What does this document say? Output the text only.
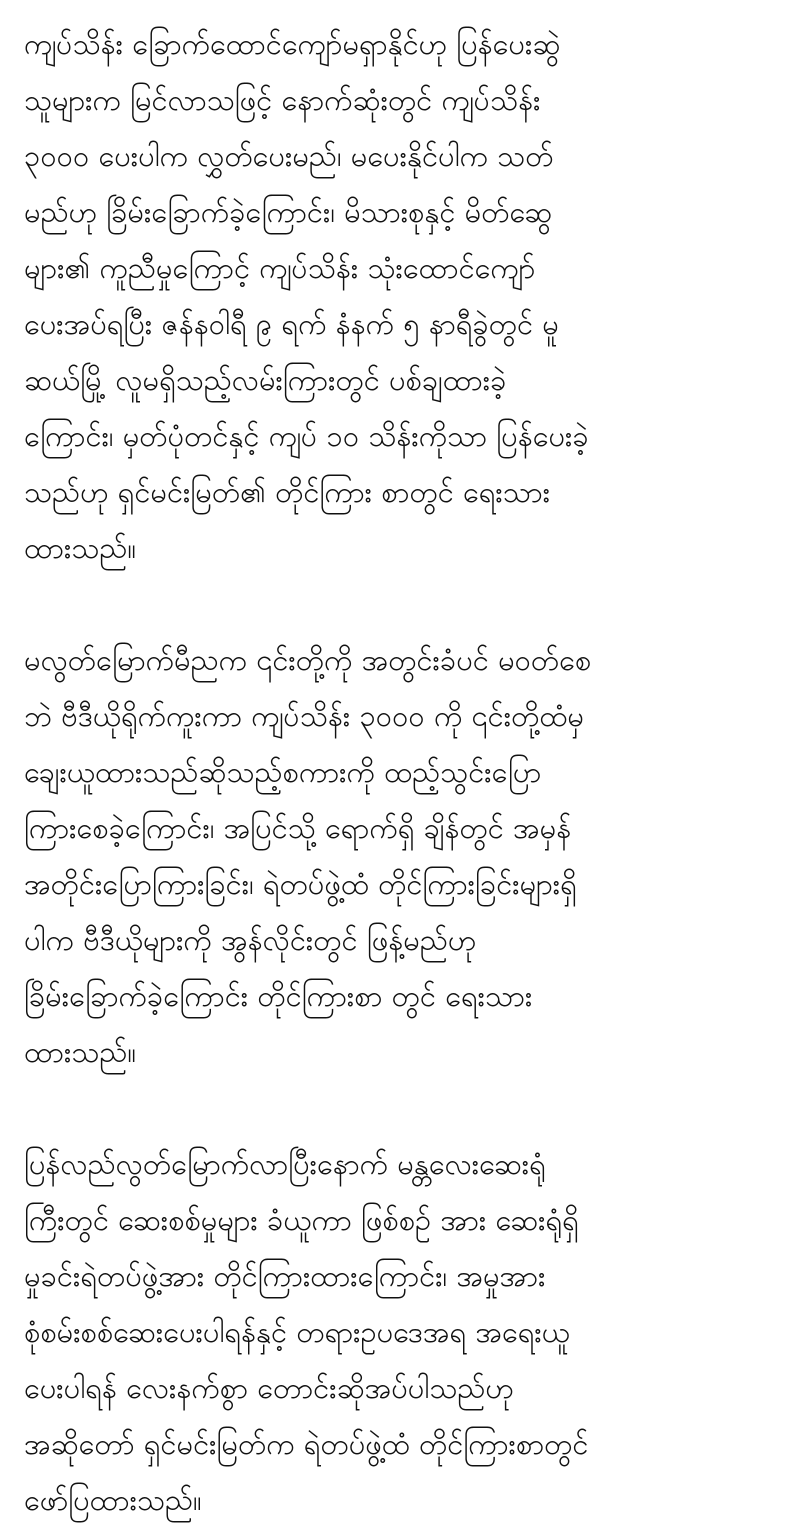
ကျပ်သိန်း ခြောက်ထောင်ကျော်မရှာနိုင်ဟု ပြန်ပေးဆွဲ
သူများက မြင်လာသဖြင့် နောက်ဆုံးတွင် ကျပ်သိန်း
၃၀၀၀ ပေးပါက လွှတ်ပေးမည်၊ မပေးနိုင်ပါက သတ်
မည်ဟု ခြိမ်းခြောက်ခဲ့ကြောင်း၊ မိသားစုနှင့် မိတ်ဆွေ
များ၏ ကူညီမှုကြောင့် ကျပ်သိန်း သုံးထောင်ကျော်
ပေးအပ်ရပြီး ဇန်နဝါရီ ၉ ရက် နံနက် ၅ နာရီခွဲတွင် မူ
ဆယ်မြို့ လူမရှိသည့်လမ်းကြားတွင် ပစ်ချထားခဲ့
ကြောင်း၊ မှတ်ပုံတင်နှင့် ကျပ် ၁၀ သိန်းကိုသာ ပြန်ပေးခဲ့
သည်ဟု ရှင်မင်းမြတ်၏ တိုင်ကြား စာတွင် ရေးသား
ထားသည်။
မလွတ်မြောက်မီညက ၎င်းတို့ကို အတွင်းခံပင် မဝတ်စေ
ဘဲ ဗီဒီယိုရိုက်ကူးကာ ကျပ်သိန်း ၃၀၀၀ ကို ၎င်းတို့ထံမှ
ချေးယူထားသည်ဆိုသည့်စကားကို ထည့်သွင်းပြော
ကြားစေခဲ့ကြောင်း၊ အပြင်သို့ ရောက်ရှိ ချိန်တွင် အမှန်
အတိုင်းပြောကြားခြင်း၊ ရဲတပ်ဖွဲ့ထံ တိုင်ကြားခြင်းများရှိ
ပါက ဗီဒီယိုများကို အွန်လိုင်းတွင် ဖြန့်မည်ဟု
ခြိမ်းခြောက်ခဲ့ကြောင်း တိုင်ကြားစာ တွင် ရေးသား
ထားသည်။
ပြန်လည်လွတ်မြောက်လာပြီးနောက် မန္တလေးဆေးရုံ
ကြီးတွင် ဆေးစစ်မှုများ ခံယူကာ ဖြစ်စဉ် အား ဆေးရုံရှိ
မှုခင်းရဲတပ်ဖွဲ့အား တိုင်ကြားထားကြောင်း၊ အမှုအား
စုံစမ်းစစ်ဆေးပေးပါရန်နှင့် တရားဥပဒေအရ အရေးယူ
ပေးပါရန် လေးနက်စွာ တောင်းဆိုအပ်ပါသည်ဟု
အဆိုတော် ရှင်မင်းမြတ်က ရဲတပ်ဖွဲ့ထံ တိုင်ကြားစာတွင်
ဖော်ပြထားသည်။
